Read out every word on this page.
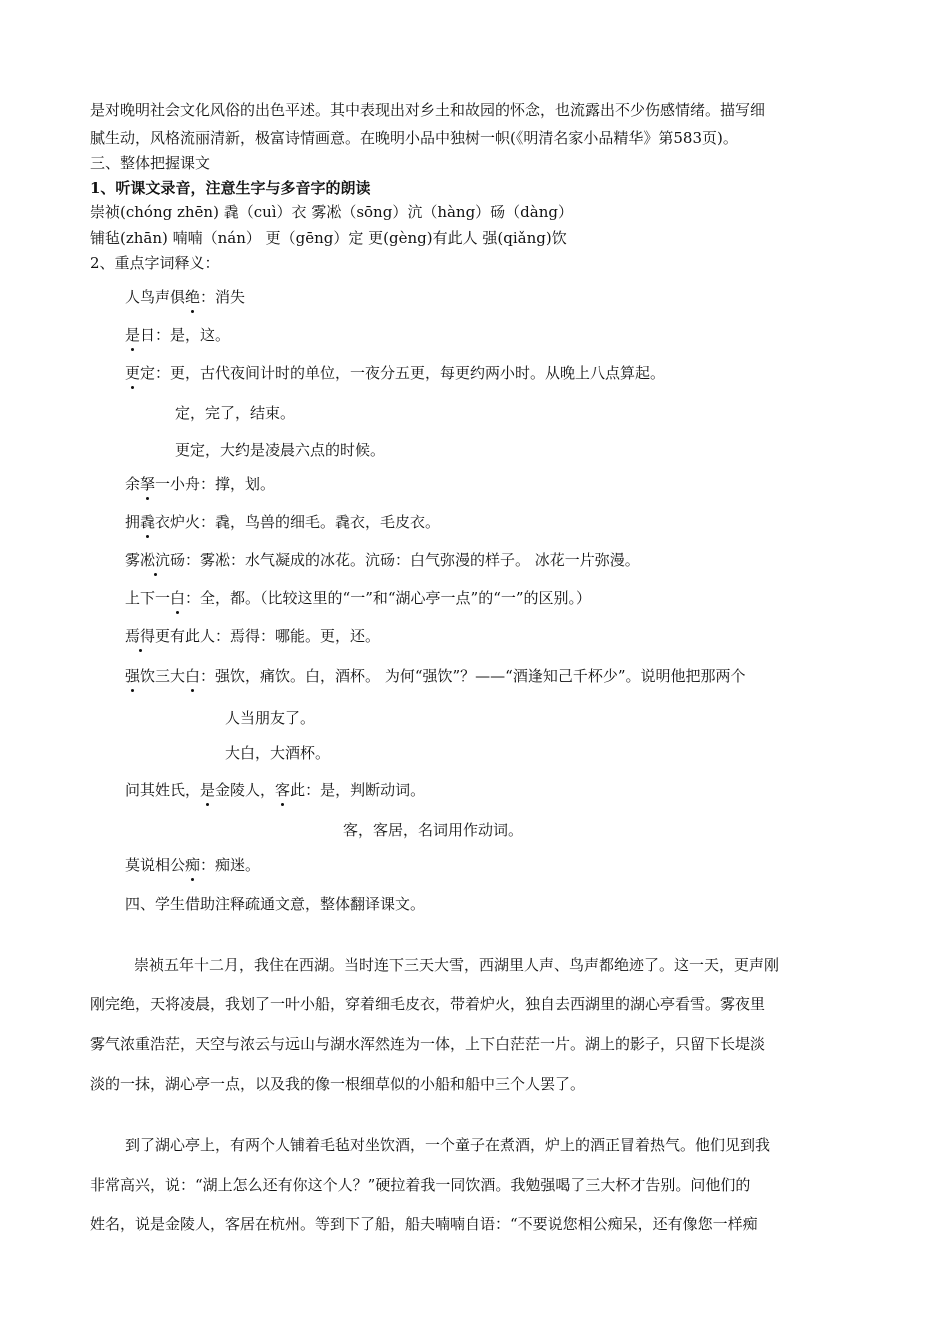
是对晚明社会文化风俗的出色平述。其中表现出对乡土和故园的怀念，也流露出不少伤感情绪。描写细
腻生动，风格流丽清新，极富诗情画意。在晚明小品中独树一帜(《明清名家小品精华》第583页)。
三、整体把握课文
1、听课文录音，注意生字与多音字的朗读
崇祯(chóng zhēn) 毳（cuì）衣 雾凇（sōng）沆（hàng）砀（dàng）
铺毡(zhān) 喃喃（nán） 更（gēng）定 更(gèng)有此人 强(qiǎng)饮
2、重点字词释义：
人鸟声俱绝：消失
是日：是，这。
更定：更，古代夜间计时的单位，一夜分五更，每更约两小时。从晚上八点算起。
定，完了，结束。
更定，大约是凌晨六点的时候。
余拏一小舟：撑，划。
拥毳衣炉火：毳，鸟兽的细毛。毳衣，毛皮衣。
雾凇沆砀：雾凇：水气凝成的冰花。沆砀：白气弥漫的样子。 冰花一片弥漫。
上下一白：全，都。（比较这里的“一”和“湖心亭一点”的“一”的区别。）
焉得更有此人：焉得：哪能。更，还。
强饮三大白：强饮，痛饮。白，酒杯。 为何“强饮”？——“酒逢知己千杯少”。说明他把那两个
人当朋友了。
大白，大酒杯。
问其姓氏，是金陵人，客此：是，判断动词。
客，客居，名词用作动词。
莫说相公痴：痴迷。
四、学生借助注释疏通文意，整体翻译课文。
崇祯五年十二月，我住在西湖。当时连下三天大雪，西湖里人声、鸟声都绝迹了。这一天，更声刚
刚完绝，天将凌晨，我划了一叶小船，穿着细毛皮衣，带着炉火，独自去西湖里的湖心亭看雪。雾夜里
雾气浓重浩茫，天空与浓云与远山与湖水浑然连为一体，上下白茫茫一片。湖上的影子，只留下长堤淡
淡的一抹，湖心亭一点，以及我的像一根细草似的小船和船中三个人罢了。
到了湖心亭上，有两个人铺着毛毡对坐饮酒，一个童子在煮酒，炉上的酒正冒着热气。他们见到我
非常高兴，说：“湖上怎么还有你这个人？”硬拉着我一同饮酒。我勉强喝了三大杯才告别。问他们的
姓名，说是金陵人，客居在杭州。等到下了船，船夫喃喃自语：“不要说您相公痴呆，还有像您一样痴
